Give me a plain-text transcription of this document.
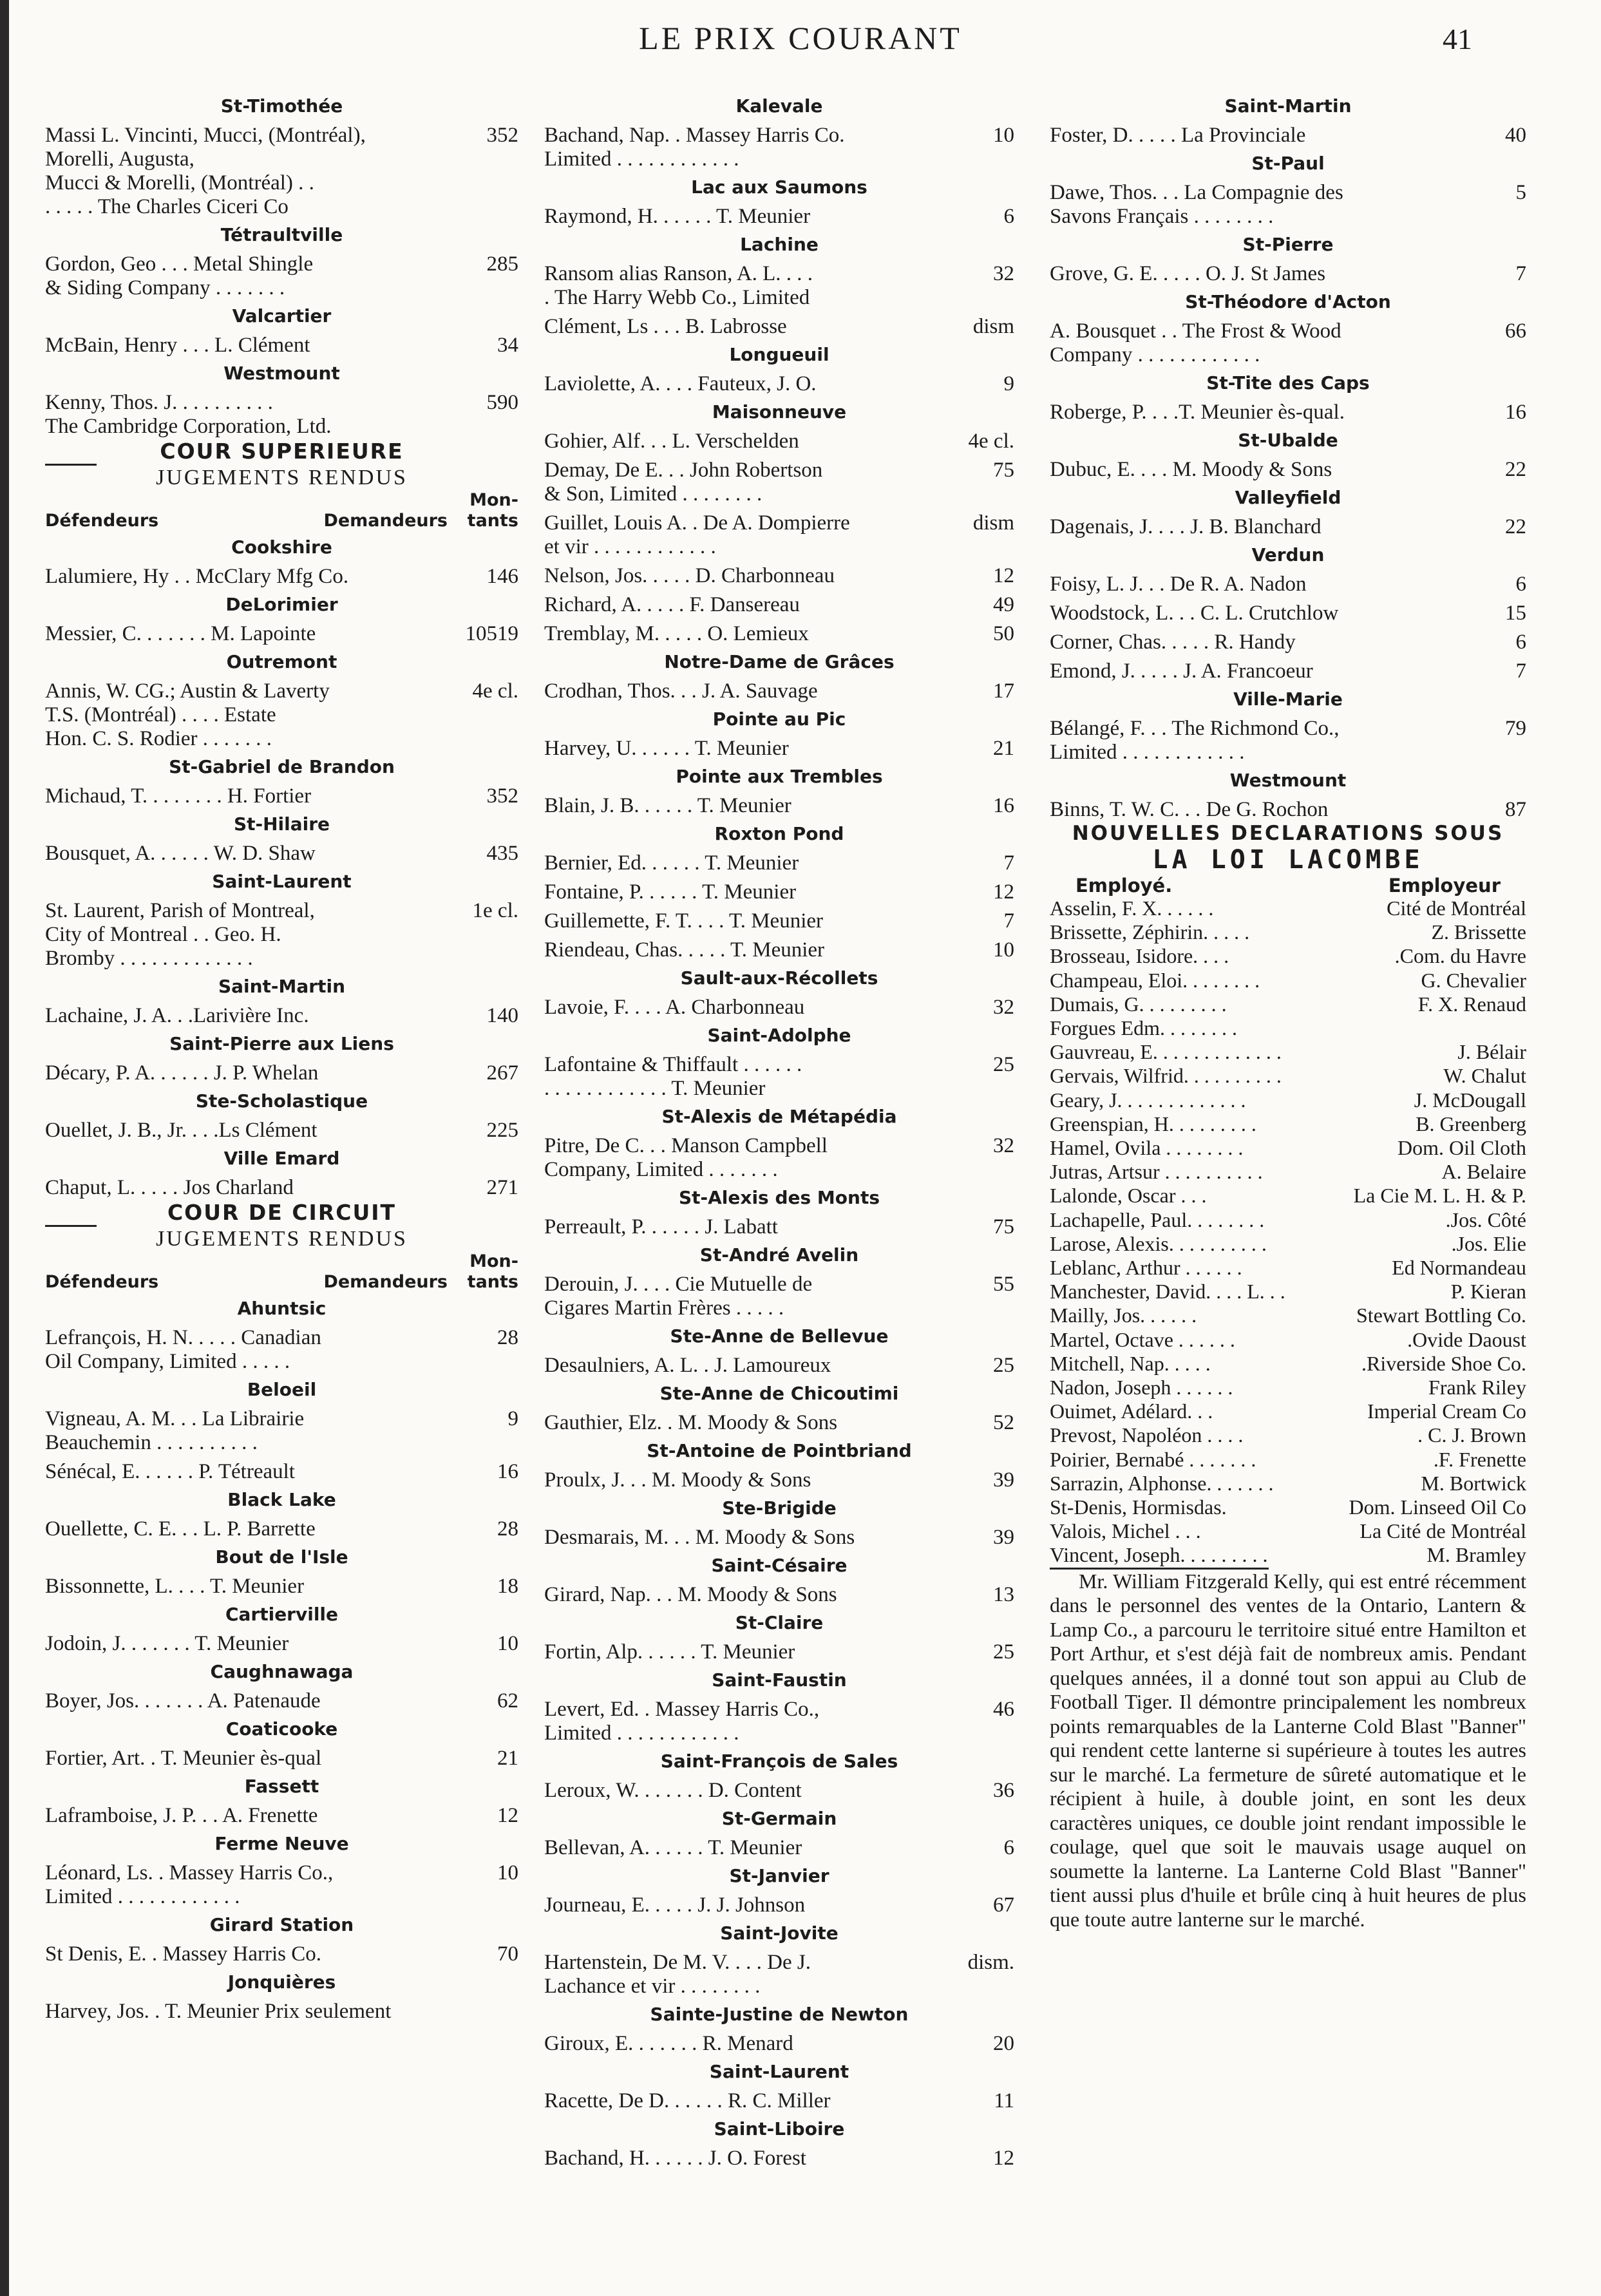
LE PRIX COURANT	41
St-Timothée
Massi L. Vincinti, Mucci, (Montréal),
Morelli, Augusta,
Mucci & Morelli, (Montréal) . .
. . . . . The Charles Ciceri Co
352
Tétraultville
Gordon, Geo . . . Metal Shingle
& Siding Company . . . . . . .
285
Valcartier
McBain, Henry . . . L. Clément	34
Westmount
Kenny, Thos. J. . . . . . . . . .
The Cambridge Corporation, Ltd.
590
COUR SUPERIEURE
JUGEMENTS RENDUS
Défendeurs	Demandeurs
Mon-
tants
Cookshire
Lalumiere, Hy . . McClary Mfg Co.	146
DeLorimier
Messier, C. . . . . . . M. Lapointe	10519
Outremont
Annis, W. CG.; Austin & Laverty
T.S. (Montréal) . . . . Estate
Hon. C. S. Rodier . . . . . . .
4e cl.
St-Gabriel de Brandon
Michaud, T. . . . . . . . H. Fortier	352
St-Hilaire
Bousquet, A. . . . . . W. D. Shaw	435
Saint-Laurent
St. Laurent, Parish of Montreal,
City of Montreal . . Geo. H.
Bromby . . . . . . . . . . . . .
1e cl.
Saint-Martin
Lachaine, J. A. . .Larivière Inc.	140
Saint-Pierre aux Liens
Décary, P. A. . . . . . J. P. Whelan	267
Ste-Scholastique
Ouellet, J. B., Jr. . . .Ls Clément	225
Ville Emard
Chaput, L. . . . . Jos Charland	271
COUR DE CIRCUIT
JUGEMENTS RENDUS
Défendeurs	Demandeurs
Mon-
tants
Ahuntsic
Lefrançois, H. N. . . . . Canadian
Oil Company, Limited . . . . .
28
Beloeil
Vigneau, A. M. . . La Librairie
Beauchemin . . . . . . . . . .
9
Sénécal, E. . . . . . P. Tétreault	16
Black Lake
Ouellette, C. E. . . L. P. Barrette	28
Bout de l'Isle
Bissonnette, L. . . . T. Meunier	18
Cartierville
Jodoin, J. . . . . . . T. Meunier	10
Caughnawaga
Boyer, Jos. . . . . . . A. Patenaude	62
Coaticooke
Fortier, Art. . T. Meunier ès-qual	21
Fassett
Laframboise, J. P. . . A. Frenette	12
Ferme Neuve
Léonard, Ls. . Massey Harris Co.,
Limited . . . . . . . . . . . .
10
Girard Station
St Denis, E. . Massey Harris Co.	70
Jonquières
Harvey, Jos. . T. Meunier Prix seulement
Kalevale
Bachand, Nap. . Massey Harris Co.
Limited . . . . . . . . . . . .
10
Lac aux Saumons
Raymond, H. . . . . . T. Meunier	6
Lachine
Ransom alias Ranson, A. L. . . .
. The Harry Webb Co., Limited
32
Clément, Ls . . . B. Labrosse	dism
Longueuil
Laviolette, A. . . . Fauteux, J. O.	9
Maisonneuve
Gohier, Alf. . . L. Verschelden	4e cl.
Demay, De E. . . John Robertson
& Son, Limited . . . . . . . .
75
Guillet, Louis A. . De A. Dompierre
et vir . . . . . . . . . . . .
dism
Nelson, Jos. . . . . D. Charbonneau	12
Richard, A. . . . . F. Dansereau	49
Tremblay, M. . . . . O. Lemieux	50
Notre-Dame de Grâces
Crodhan, Thos. . . J. A. Sauvage	17
Pointe au Pic
Harvey, U. . . . . . T. Meunier	21
Pointe aux Trembles
Blain, J. B. . . . . . T. Meunier	16
Roxton Pond
Bernier, Ed. . . . . . T. Meunier	7
Fontaine, P. . . . . . T. Meunier	12
Guillemette, F. T. . . . T. Meunier	7
Riendeau, Chas. . . . . T. Meunier	10
Sault-aux-Récollets
Lavoie, F. . . . A. Charbonneau	32
Saint-Adolphe
Lafontaine & Thiffault . . . . . .
. . . . . . . . . . . . T. Meunier
25
St-Alexis de Métapédia
Pitre, De C. . . Manson Campbell
Company, Limited . . . . . . .
32
St-Alexis des Monts
Perreault, P. . . . . . J. Labatt	75
St-André Avelin
Derouin, J. . . . Cie Mutuelle de
Cigares Martin Frères . . . . .
55
Ste-Anne de Bellevue
Desaulniers, A. L. . J. Lamoureux	25
Ste-Anne de Chicoutimi
Gauthier, Elz. . M. Moody & Sons	52
St-Antoine de Pointbriand
Proulx, J. . . M. Moody & Sons	39
Ste-Brigide
Desmarais, M. . . M. Moody & Sons	39
Saint-Césaire
Girard, Nap. . . M. Moody & Sons	13
St-Claire
Fortin, Alp. . . . . . T. Meunier	25
Saint-Faustin
Levert, Ed. . Massey Harris Co.,
Limited . . . . . . . . . . . .
46
Saint-François de Sales
Leroux, W. . . . . . . D. Content	36
St-Germain
Bellevan, A. . . . . . T. Meunier	6
St-Janvier
Journeau, E. . . . . J. J. Johnson	67
Saint-Jovite
Hartenstein, De M. V. . . . De J.
Lachance et vir . . . . . . . .
dism.
Sainte-Justine de Newton
Giroux, E. . . . . . . R. Menard	20
Saint-Laurent
Racette, De D. . . . . . R. C. Miller	11
Saint-Liboire
Bachand, H. . . . . . J. O. Forest	12
Saint-Martin
Foster, D. . . . . La Provinciale	40
St-Paul
Dawe, Thos. . . La Compagnie des
Savons Français . . . . . . . .
5
St-Pierre
Grove, G. E. . . . . O. J. St James	7
St-Théodore d'Acton
A. Bousquet . . The Frost & Wood
Company . . . . . . . . . . . .
66
St-Tite des Caps
Roberge, P. . . .T. Meunier ès-qual.	16
St-Ubalde
Dubuc, E. . . . M. Moody & Sons	22
Valleyfield
Dagenais, J. . . . J. B. Blanchard	22
Verdun
Foisy, L. J. . . De R. A. Nadon	6
Woodstock, L. . . C. L. Crutchlow	15
Corner, Chas. . . . . R. Handy	6
Emond, J. . . . . J. A. Francoeur	7
Ville-Marie
Bélangé, F. . . The Richmond Co.,
Limited . . . . . . . . . . . .
79
Westmount
Binns, T. W. C. . . De G. Rochon	87
NOUVELLES DECLARATIONS SOUS
LA LOI LACOMBE
Employé.	Employeur
Asselin, F. X. . . . . .	Cité de Montréal
Brissette, Zéphirin. . . . .	Z. Brissette
Brosseau, Isidore. . . .	.Com. du Havre
Champeau, Eloi. . . . . . . .	G. Chevalier
Dumais, G. . . . . . . . .	F. X. Renaud
Forgues Edm. . . . . . . .
Gauvreau, E. . . . . . . . . . . . .	J. Bélair
Gervais, Wilfrid. . . . . . . . . .	W. Chalut
Geary, J. . . . . . . . . . . . .	J. McDougall
Greenspian, H. . . . . . . . .	B. Greenberg
Hamel, Ovila . . . . . . . .	Dom. Oil Cloth
Jutras, Artsur . . . . . . . . . .	A. Belaire
Lalonde, Oscar . . .	La Cie M. L. H. & P.
Lachapelle, Paul. . . . . . . .	.Jos. Côté
Larose, Alexis. . . . . . . . . .	.Jos. Elie
Leblanc, Arthur . . . . . .	Ed Normandeau
Manchester, David. . . . L. . .	P. Kieran
Mailly, Jos. . . . . .	Stewart Bottling Co.
Martel, Octave . . . . . .	.Ovide Daoust
Mitchell, Nap. . . . .	.Riverside Shoe Co.
Nadon, Joseph . . . . . .	Frank Riley
Ouimet, Adélard. . .	Imperial Cream Co
Prevost, Napoléon . . . .	. C. J. Brown
Poirier, Bernabé . . . . . . .	.F. Frenette
Sarrazin, Alphonse. . . . . . .	M. Bortwick
St-Denis, Hormisdas.	Dom. Linseed Oil Co
Valois, Michel . . .	La Cité de Montréal
Vincent, Joseph. . . . . . . . .	M. Bramley
Mr. William Fitzgerald Kelly, qui est entré récemment dans le personnel des ventes de la Ontario, Lantern & Lamp Co., a parcouru le territoire situé entre Hamilton et Port Arthur, et s'est déjà fait de nombreux amis. Pendant quelques années, il a donné tout son appui au Club de Football Tiger. Il démontre principalement les nombreux points remarquables de la Lanterne Cold Blast "Banner" qui rendent cette lanterne si supérieure à toutes les autres sur le marché. La fermeture de sûreté automatique et le récipient à huile, à double joint, en sont les deux caractères uniques, ce double joint rendant impossible le coulage, quel que soit le mauvais usage auquel on soumette la lanterne. La Lanterne Cold Blast "Banner" tient aussi plus d'huile et brûle cinq à huit heures de plus que toute autre lanterne sur le marché.
